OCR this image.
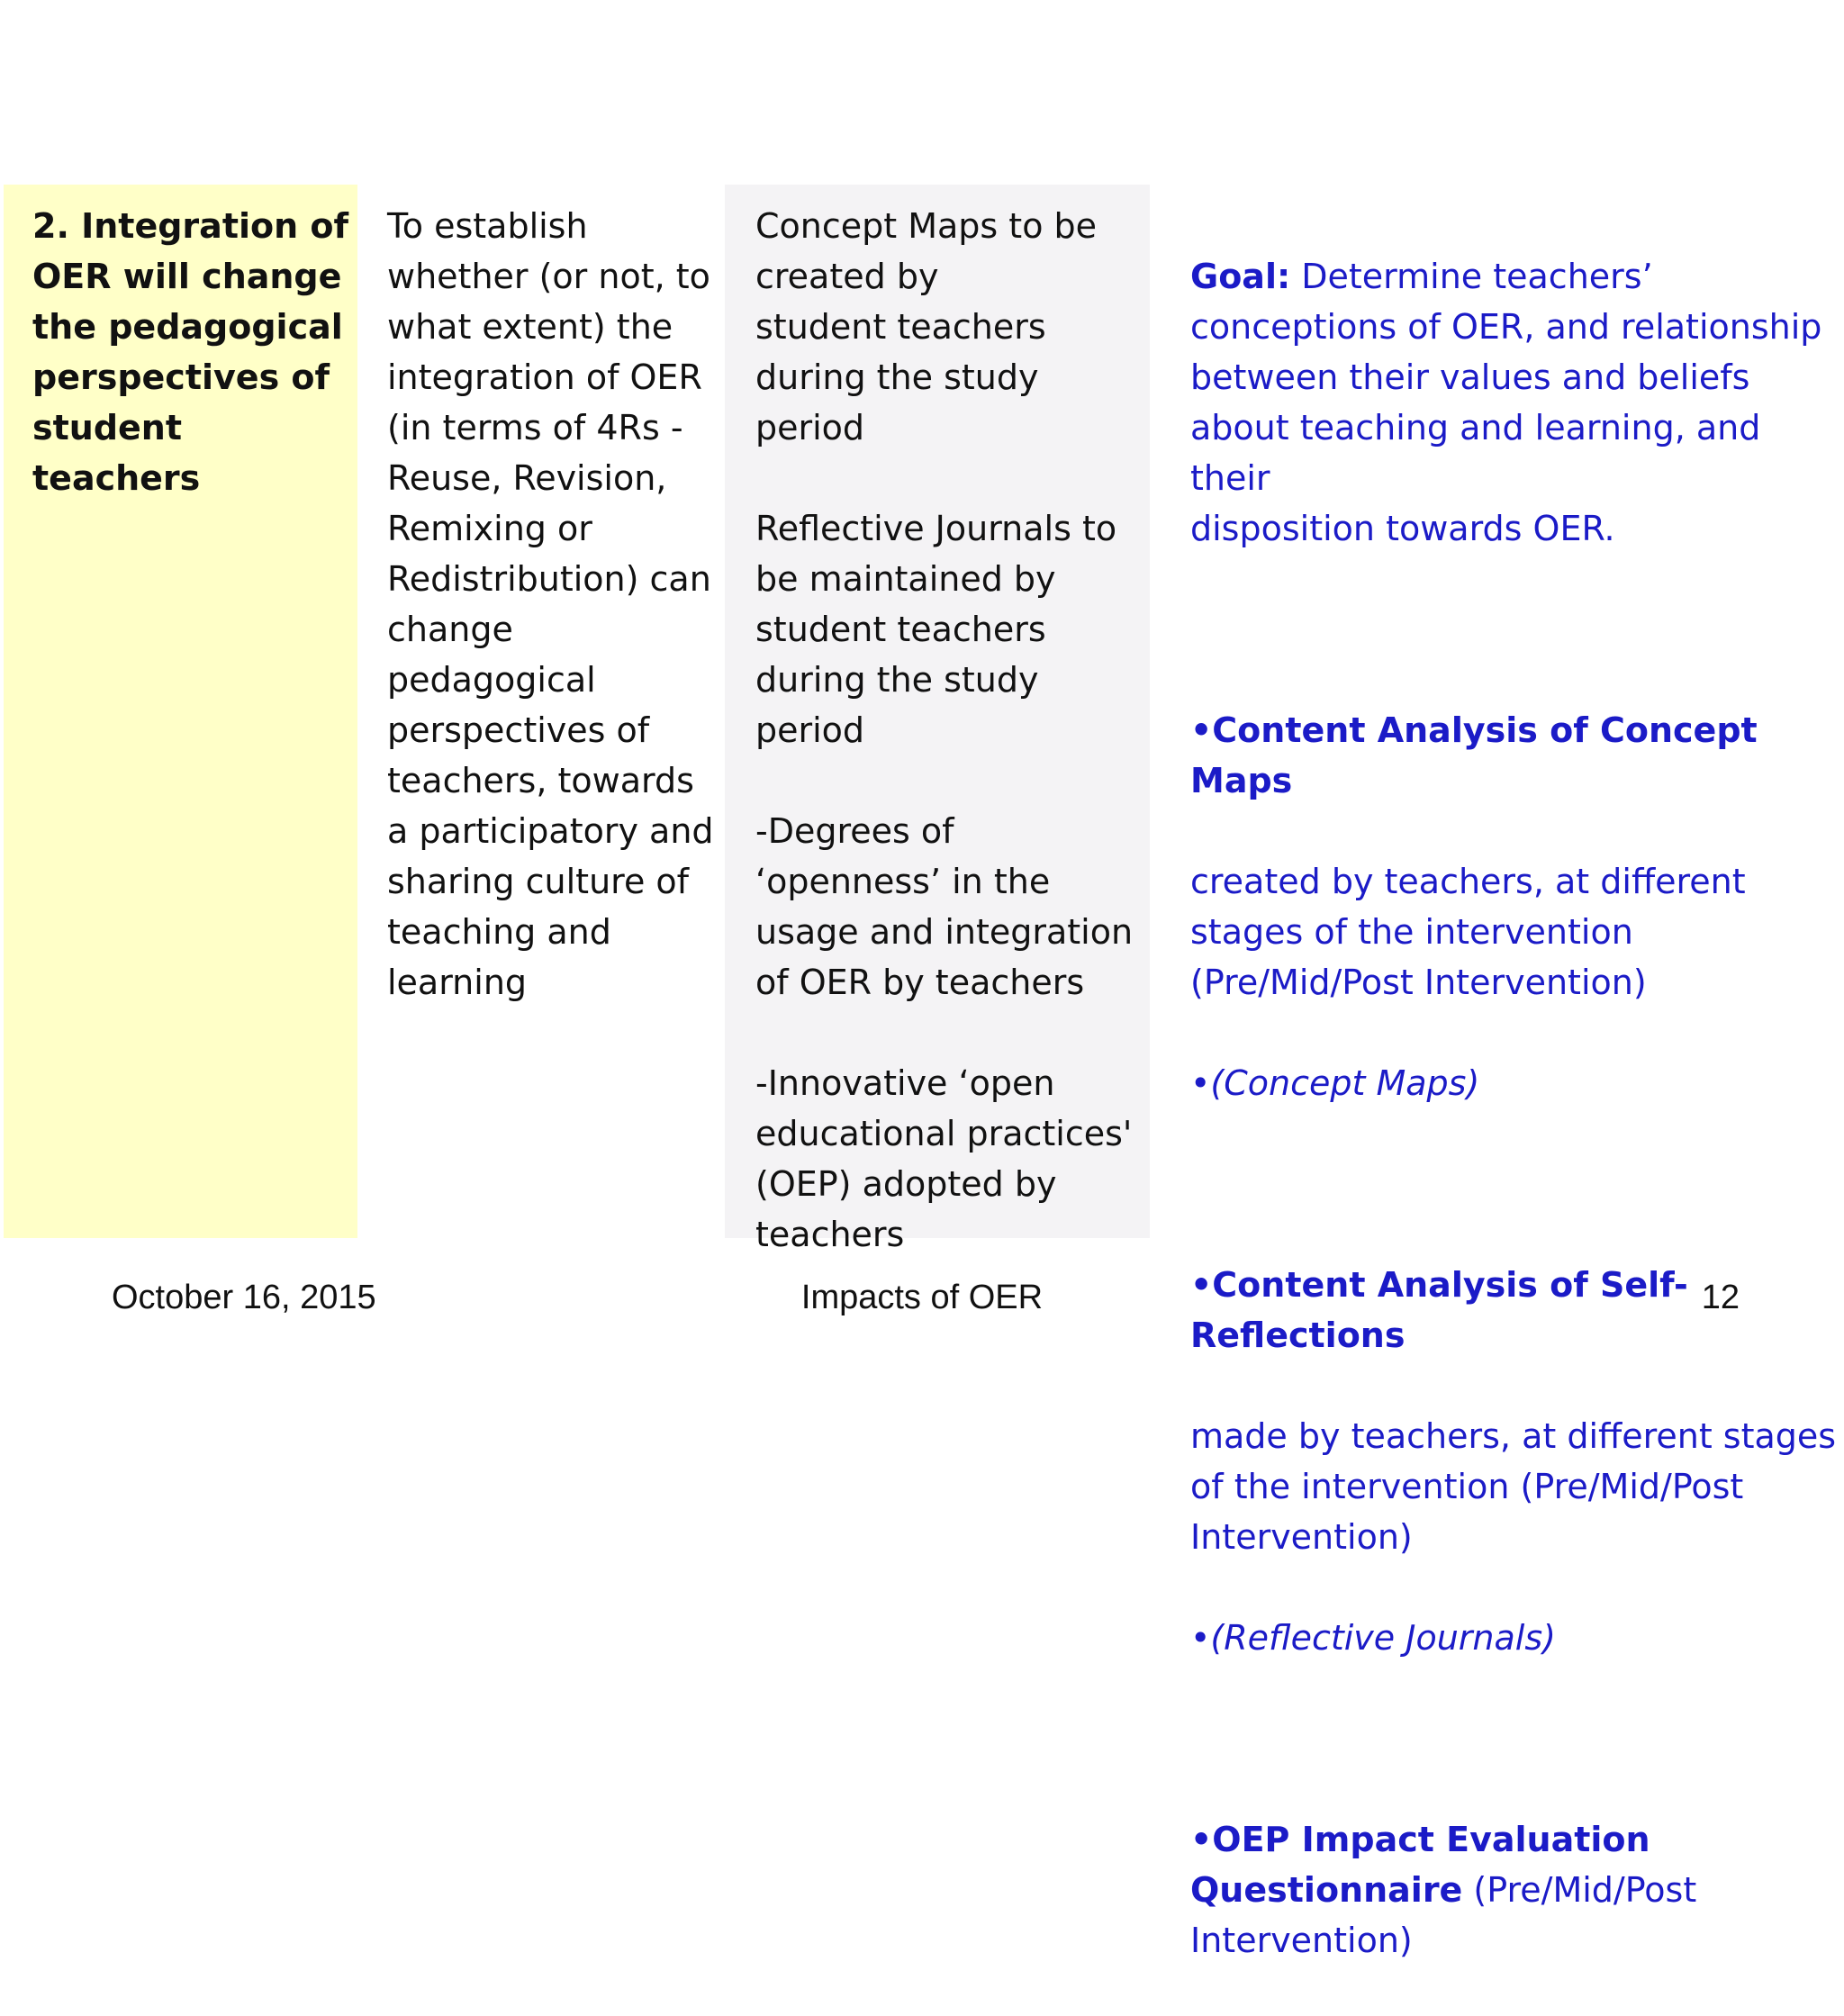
2. Integration of
OER will change
the pedagogical
perspectives of
student teachers
To establish
whether (or not, to
what extent) the
integration of OER
(in terms of 4Rs -
Reuse, Revision,
Remixing or
Redistribution) can
change
pedagogical
perspectives of
teachers, towards
a participatory and
sharing culture of
teaching and
learning
Concept Maps to be
created by
student teachers
during the study
period

Reflective Journals to
be maintained by
student teachers
during the study
period

-Degrees of
‘openness’ in the
usage and integration
of OER by teachers

-Innovative ‘open
educational practices'
(OEP) adopted by
teachers

Goal: Determine teachers’
conceptions of OER, and relationship
between their values and beliefs
about teaching and learning, and their
disposition towards OER.

•Content Analysis of Concept Maps

created by teachers, at different
stages of the intervention
(Pre/Mid/Post Intervention)

•(Concept Maps)

•Content Analysis of Self-Reflections

made by teachers, at different stages
of the intervention (Pre/Mid/Post
Intervention)

•(Reflective Journals)

•OEP Impact Evaluation
Questionnaire (Pre/Mid/Post
Intervention)

October 16, 2015	Impacts of OER	12
